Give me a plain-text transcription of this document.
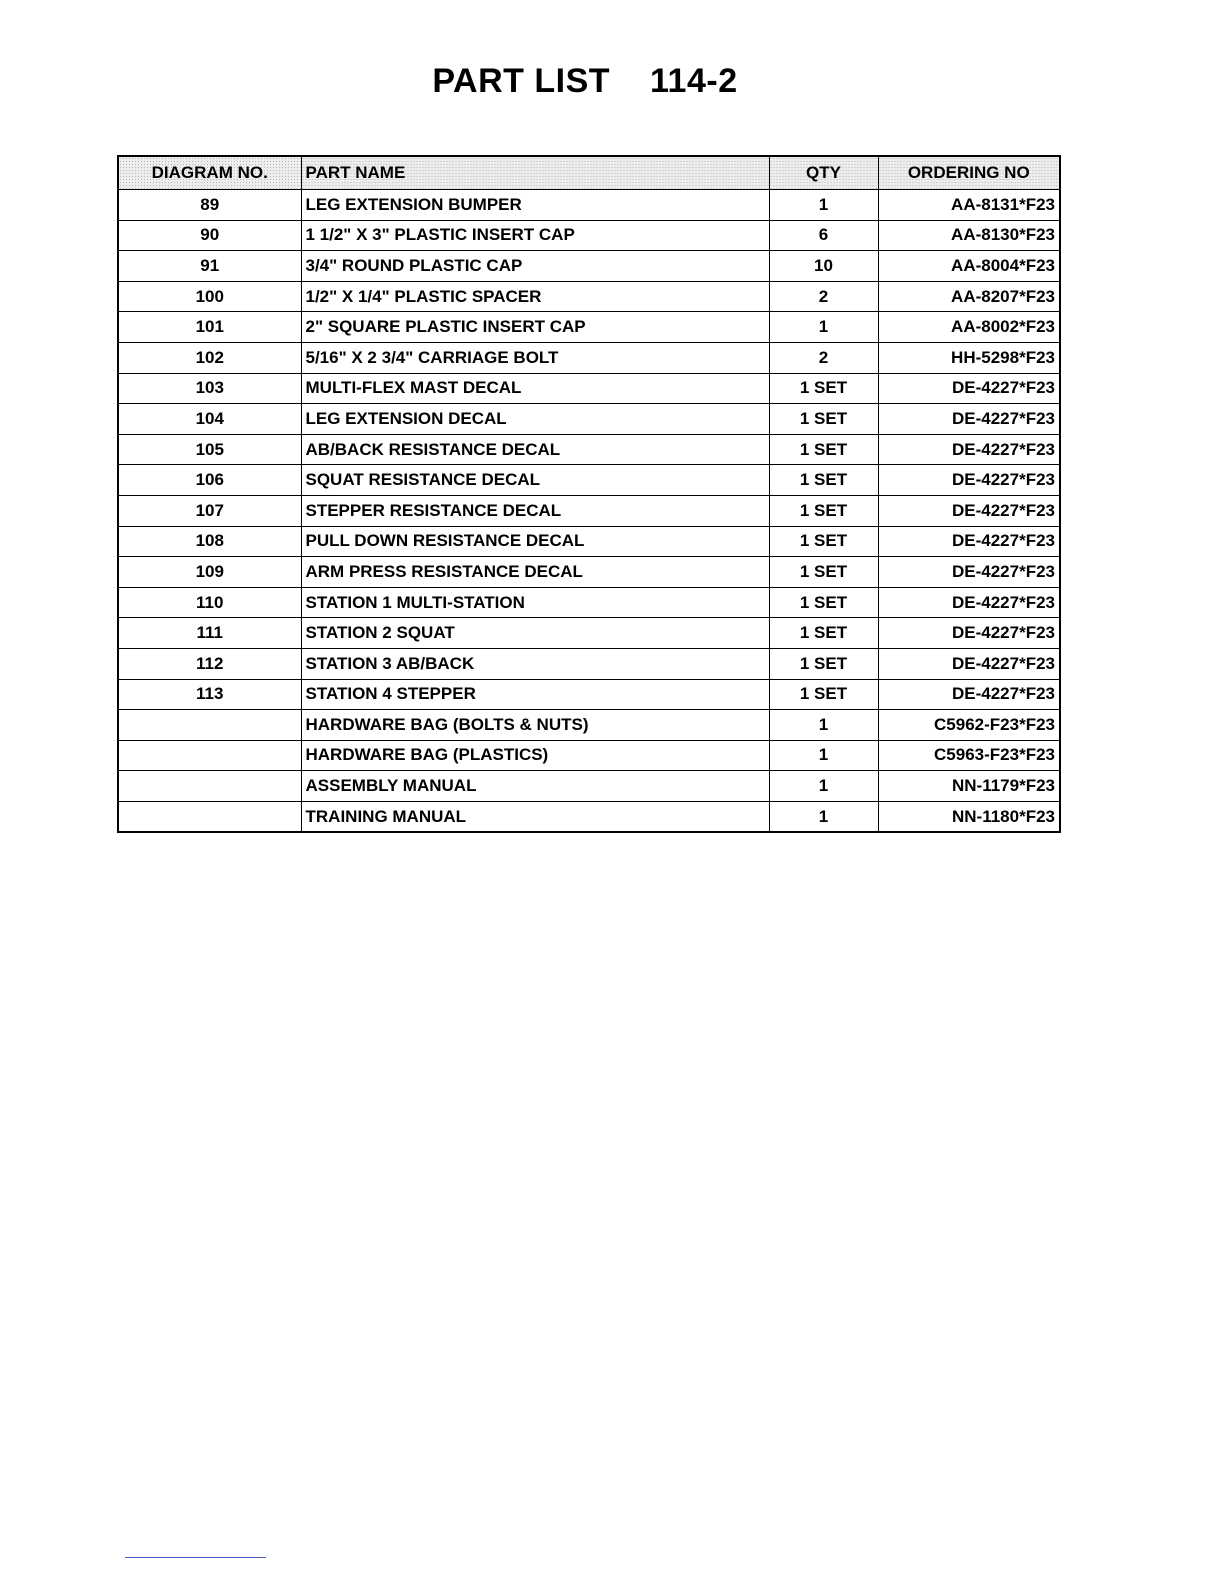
PART LIST 114-2
DIAGRAM NO.	PART NAME	QTY	ORDERING NO
89	LEG EXTENSION BUMPER	1	AA-8131*F23
90	1 1/2" X 3" PLASTIC INSERT CAP	6	AA-8130*F23
91	3/4" ROUND PLASTIC CAP	10	AA-8004*F23
100	1/2" X 1/4" PLASTIC SPACER	2	AA-8207*F23
101	2" SQUARE PLASTIC INSERT CAP	1	AA-8002*F23
102	5/16" X 2 3/4" CARRIAGE BOLT	2	HH-5298*F23
103	MULTI-FLEX MAST DECAL	1 SET	DE-4227*F23
104	LEG EXTENSION DECAL	1 SET	DE-4227*F23
105	AB/BACK RESISTANCE DECAL	1 SET	DE-4227*F23
106	SQUAT RESISTANCE DECAL	1 SET	DE-4227*F23
107	STEPPER RESISTANCE DECAL	1 SET	DE-4227*F23
108	PULL DOWN RESISTANCE DECAL	1 SET	DE-4227*F23
109	ARM PRESS RESISTANCE DECAL	1 SET	DE-4227*F23
110	STATION 1 MULTI-STATION	1 SET	DE-4227*F23
111	STATION 2 SQUAT	1 SET	DE-4227*F23
112	STATION 3 AB/BACK	1 SET	DE-4227*F23
113	STATION 4 STEPPER	1 SET	DE-4227*F23
	HARDWARE BAG (BOLTS & NUTS)	1	C5962-F23*F23
	HARDWARE BAG (PLASTICS)	1	C5963-F23*F23
	ASSEMBLY MANUAL	1	NN-1179*F23
	TRAINING MANUAL	1	NN-1180*F23
